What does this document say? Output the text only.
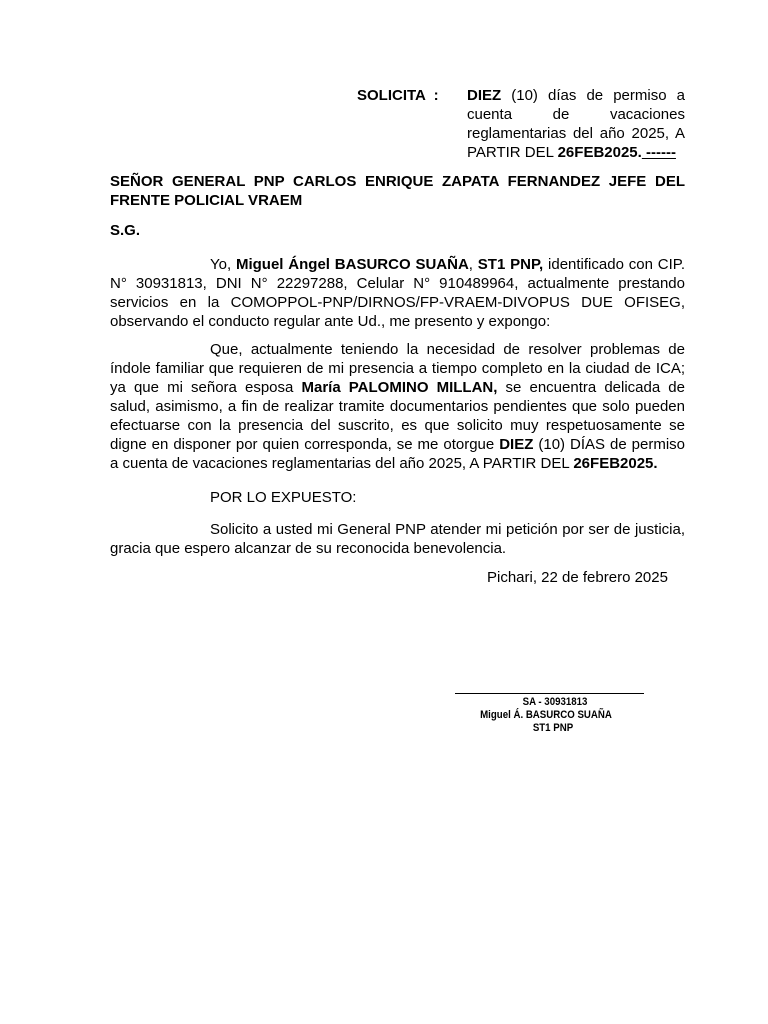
SOLICITA  : DIEZ (10) días de permiso a cuenta de vacaciones reglamentarias del año 2025, A PARTIR DEL 26FEB2025. ------

SEÑOR GENERAL PNP CARLOS ENRIQUE ZAPATA FERNANDEZ JEFE DEL FRENTE POLICIAL VRAEM

S.G.

Yo, Miguel Ángel BASURCO SUAÑA, ST1 PNP, identificado con CIP. N° 30931813, DNI N° 22297288, Celular N° 910489964, actualmente prestando servicios en la COMOPPOL-PNP/DIRNOS/FP-VRAEM-DIVOPUS DUE OFISEG, observando el conducto regular ante Ud., me presento y expongo:

Que, actualmente teniendo la necesidad de resolver problemas de índole familiar que requieren de mi presencia a tiempo completo en la ciudad de ICA; ya que mi señora esposa María PALOMINO MILLAN, se encuentra delicada de salud, asimismo, a fin de realizar tramite documentarios pendientes que solo pueden efectuarse con la presencia del suscrito, es que solicito muy respetuosamente se digne en disponer por quien corresponda, se me otorgue DIEZ (10) DÍAS de permiso a cuenta de vacaciones reglamentarias del año 2025, A PARTIR DEL 26FEB2025.

POR LO EXPUESTO:

Solicito a usted mi General PNP atender mi petición por ser de justicia, gracia que espero alcanzar de su reconocida benevolencia.

Pichari, 22 de febrero 2025
SA - 30931813
Miguel Á. BASURCO SUAÑA
ST1 PNP
